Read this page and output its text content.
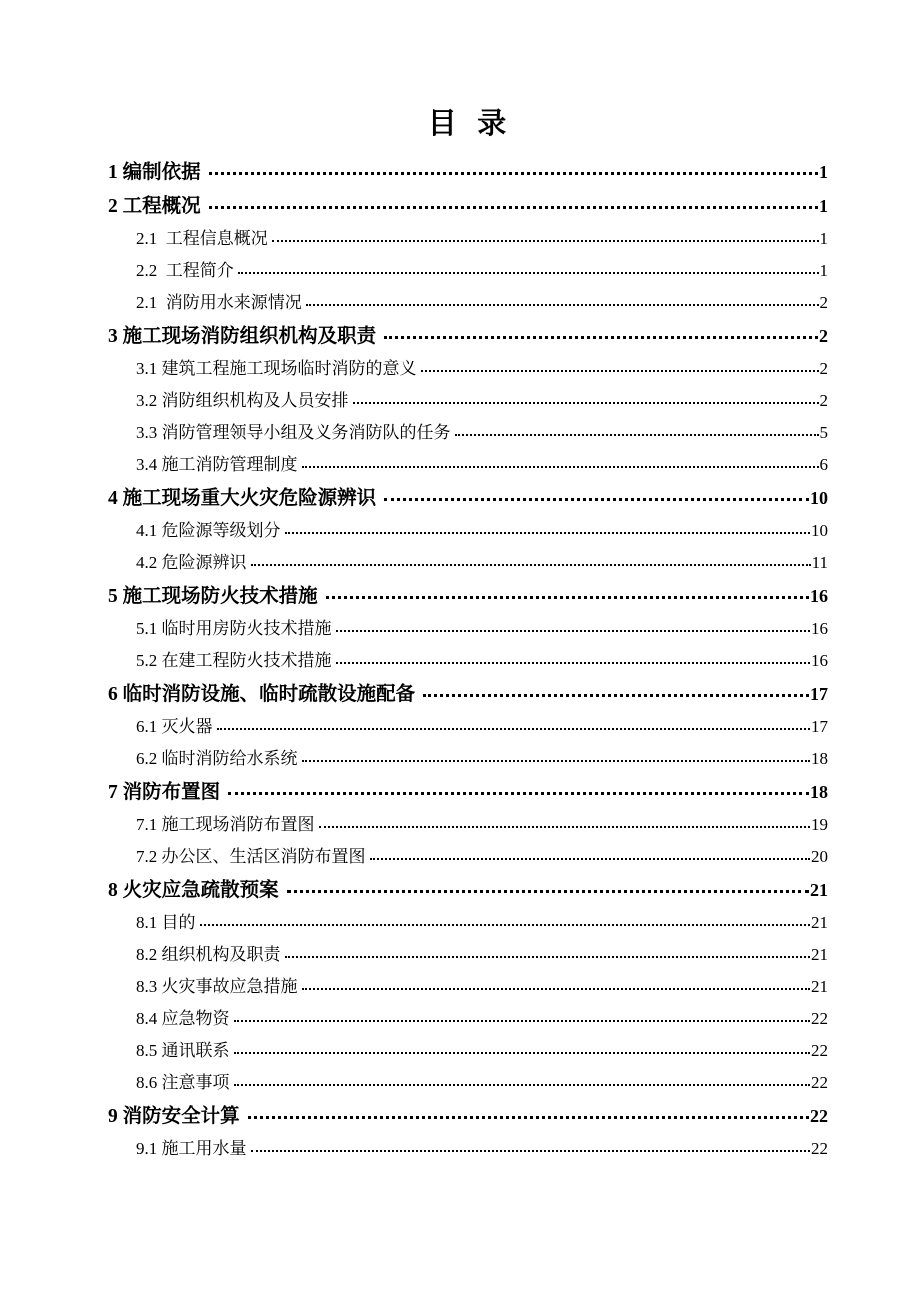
目  录
1 编制依据	1
2 工程概况	1
2.1  工程信息概况	1
2.2  工程简介	1
2.1  消防用水来源情况	2
3 施工现场消防组织机构及职责	2
3.1 建筑工程施工现场临时消防的意义	2
3.2 消防组织机构及人员安排	2
3.3 消防管理领导小组及义务消防队的任务	5
3.4 施工消防管理制度	6
4 施工现场重大火灾危险源辨识	10
4.1 危险源等级划分	10
4.2 危险源辨识	11
5 施工现场防火技术措施	16
5.1 临时用房防火技术措施	16
5.2 在建工程防火技术措施	16
6 临时消防设施、临时疏散设施配备	17
6.1 灭火器	17
6.2 临时消防给水系统	18
7 消防布置图	18
7.1 施工现场消防布置图	19
7.2 办公区、生活区消防布置图	20
8 火灾应急疏散预案	21
8.1 目的	21
8.2 组织机构及职责	21
8.3 火灾事故应急措施	21
8.4 应急物资	22
8.5 通讯联系	22
8.6 注意事项	22
9 消防安全计算	22
9.1 施工用水量	22
